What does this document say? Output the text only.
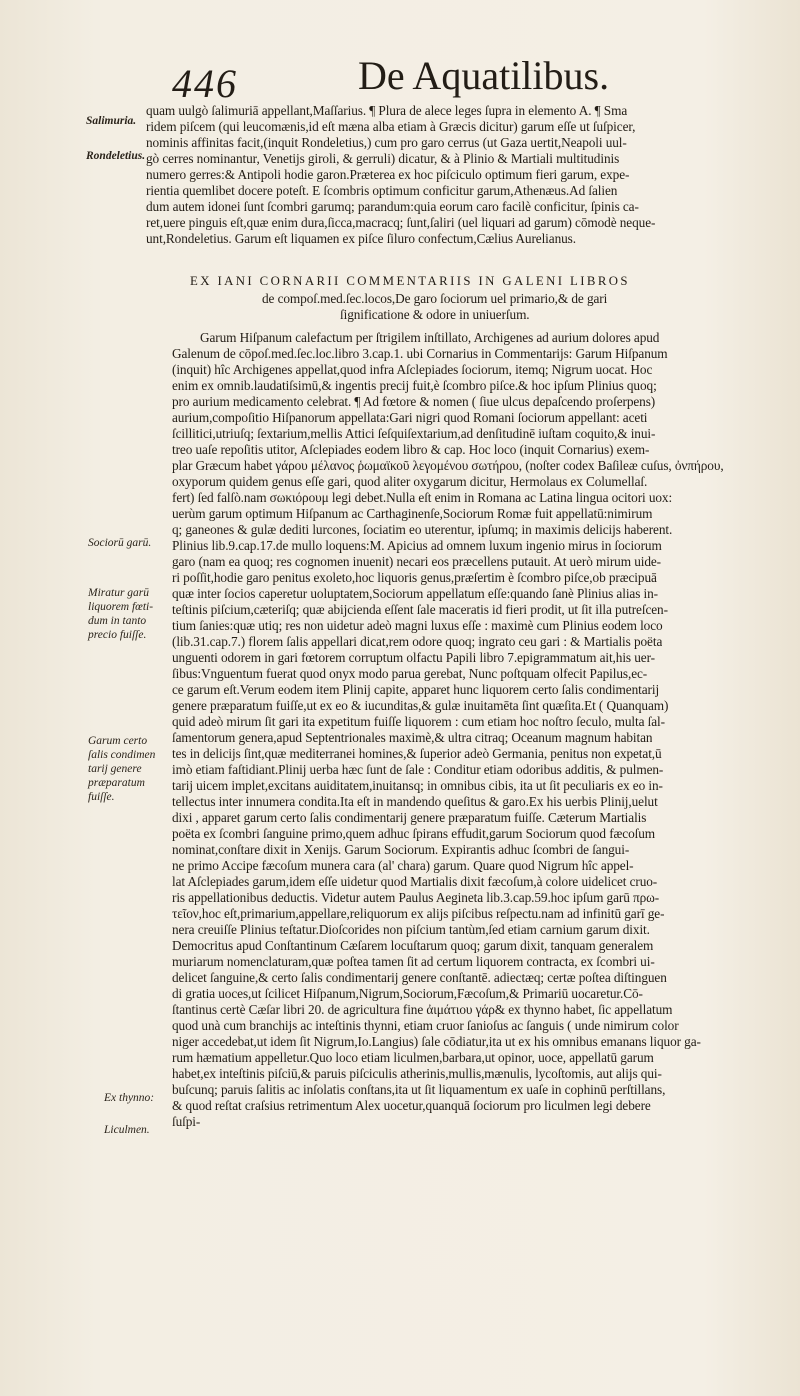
446	De Aquatilibus.
Salimuria.
Rondeletius.
Sociorū garū.
Miratur garū
liquorem fœti-
dum in tanto
precio fuiſſe.
Garum certo
ſalis condimen
tarij genere
præparatum
fuiſſe.
Ex thynno:
Liculmen.
quam uulgò ſalimuriā appellant,Maſſarius. ¶ Plura de alece leges ſupra in elemento A. ¶ Sma
ridem piſcem (qui leucomænis,id eſt mæna alba etiam à Græcis dicitur) garum eſſe ut ſuſpicer,
nominis affinitas facit,(inquit Rondeletius,) cum pro garo cerrus (ut Gaza uertit,Neapoli uul-
gò cerres nominantur, Venetijs giroli, & gerruli) dicatur, & à Plinio & Martiali multitudinis
numero gerres:& Antipoli hodie garon.Præterea ex hoc piſciculo optimum fieri garum, expe-
rientia quemlibet docere poteſt. E ſcombris optimum conficitur garum,Athenæus.Ad ſalien
dum autem idonei ſunt ſcombri garumq; parandum:quia eorum caro facilè conficitur, ſpinis ca-
ret,uere pinguis eſt,quæ enim dura,ſicca,macracq; ſunt,ſaliri (uel liquari ad garum) cōmodè neque-
unt,Rondeletius. Garum eſt liquamen ex piſce ſiluro confectum,Cælius Aurelianus.
EX IANI CORNARII COMMENTARIIS IN GALENI LIBROS
de compoſ.med.ſec.locos,De garo ſociorum uel primario,& de gari
ſignificatione & odore in uniuerſum.
Garum Hiſpanum calefactum per ſtrigilem inſtillato, Archigenes ad aurium dolores apud
Galenum de cōpoſ.med.ſec.loc.libro 3.cap.1. ubi Cornarius in Commentarijs: Garum Hiſpanum
(inquit) hîc Archigenes appellat,quod infra Aſclepiades ſociorum, itemq; Nigrum uocat. Hoc
enim ex omnib.laudatiſsimū,& ingentis precij fuit,è ſcombro piſce.& hoc ipſum Plinius quoq;
pro aurium medicamento celebrat. ¶ Ad fœtore & nomen ( ſiue ulcus depaſcendo proſerpens)
aurium,compoſitio Hiſpanorum appellata:Gari nigri quod Romani ſociorum appellant: aceti
ſcillitici,utriuſq; ſextarium,mellis Attici ſeſquiſextarium,ad denſitudinē iuſtam coquito,& inui-
treo uaſe repoſitis utitor, Aſclepiades eodem libro & cap. Hoc loco (inquit Cornarius) exem-
plar Græcum habet γάρου μέλανος ῥωμαϊκοῦ λεγομένου σωτήρου, (noſter codex Baſileæ cuſus, ὀνπήρου,
oxyporum quidem genus eſſe gari, quod aliter oxygarum dicitur, Hermolaus ex Columellaſ.
fert) ſed falſò.nam σωκιόρουμ legi debet.Nulla eſt enim in Romana ac Latina lingua ocitori uox:
uerùm garum optimum Hiſpanum ac Carthaginenſe,Sociorum Romæ fuit appellatū:nimirum
q; ganeones & gulæ dediti lurcones, ſociatim eo uterentur, ipſumq; in maximis delicijs haberent.
Plinius lib.9.cap.17.de mullo loquens:M. Apicius ad omnem luxum ingenio mirus in ſociorum
garo (nam ea quoq; res cognomen inuenit) necari eos præcellens putauit. At uerò mirum uide-
ri poſſit,hodie garo penitus exoleto,hoc liquoris genus,præſertim è ſcombro piſce,ob præcipuā
quæ inter ſocios caperetur uoluptatem,Sociorum appellatum eſſe:quando ſanè Plinius alias in-
teſtinis piſcium,cæteriſq; quæ abijcienda eſſent ſale maceratis id fieri prodit, ut ſit illa putreſcen-
tium ſanies:quæ utiq; res non uidetur adeò magni luxus eſſe : maximè cum Plinius eodem loco
(lib.31.cap.7.) florem ſalis appellari dicat,rem odore quoq; ingrato ceu gari : & Martialis poëta
unguenti odorem in gari fœtorem corruptum olfactu Papili libro 7.epigrammatum ait,his uer-
ſibus:Vnguentum fuerat quod onyx modo parua gerebat, Nunc poſtquam olfecit Papilus,ec-
ce garum eſt.Verum eodem item Plinij capite, apparet hunc liquorem certo ſalis condimentarij
genere præparatum fuiſſe,ut ex eo & iucunditas,& gulæ inuitamēta ſint quæſita.Et ( Quanquam)
quid adeò mirum ſit gari ita expetitum fuiſſe liquorem : cum etiam hoc noſtro ſeculo, multa ſal-
ſamentorum genera,apud Septentrionales maximè,& ultra citraq; Oceanum magnum habitan
tes in delicijs ſint,quæ mediterranei homines,& ſuperior adeò Germania, penitus non expetat,ū
imò etiam faſtidiant.Plinij uerba hæc ſunt de ſale : Conditur etiam odoribus additis, & pulmen-
tarij uicem implet,excitans auiditatem,inuitansq; in omnibus cibis, ita ut ſit peculiaris ex eo in-
tellectus inter innumera condita.Ita eſt in mandendo queſitus & garo.Ex his uerbis Plinij,uelut
dixi , apparet garum certo ſalis condimentarij genere præparatum fuiſſe. Cæterum Martialis
poëta ex ſcombri ſanguine primo,quem adhuc ſpirans effudit,garum Sociorum quod fæcoſum
nominat,conſtare dixit in Xenijs. Garum Sociorum. Expirantis adhuc ſcombri de ſangui-
ne primo Accipe fæcoſum munera cara (al' chara) garum. Quare quod Nigrum hîc appel-
lat Aſclepiades garum,idem eſſe uidetur quod Martialis dixit fæcoſum,à colore uidelicet cruo-
ris appellationibus deductis. Videtur autem Paulus Aegineta lib.3.cap.59.hoc ipſum garū πρω-
τεῖον,hoc eſt,primarium,appellare,reliquorum ex alijs piſcibus reſpectu.nam ad infinitū garī ge-
nera creuiſſe Plinius teſtatur.Dioſcorides non piſcium tantùm,ſed etiam carnium garum dixit.
Democritus apud Conſtantinum Cæſarem locuſtarum quoq; garum dixit, tanquam generalem
muriarum nomenclaturam,quæ poſtea tamen ſit ad certum liquorem contracta, ex ſcombri ui-
delicet ſanguine,& certo ſalis condimentarij genere conſtantē. adiectæq; certæ poſtea diſtinguen
di gratia uoces,ut ſcilicet Hiſpanum,Nigrum,Sociorum,Fæcoſum,& Primariū uocaretur.Cō-
ſtantinus certè Cæſar libri 20. de agricultura fine ἀιμάτιου γάρ& ex thynno habet, ſic appellatum
quod unà cum branchijs ac inteſtinis thynni, etiam cruor ſanioſus ac ſanguis ( unde nimirum color
niger accedebat,ut idem ſit Nigrum,Io.Langius) ſale cōdiatur,ita ut ex his omnibus emanans liquor ga-
rum hæmatium appelletur.Quo loco etiam liculmen,barbara,ut opinor, uoce, appellatū garum
habet,ex inteſtinis piſciū,& paruis piſciculis atherinis,mullis,mænulis, lycoſtomis, aut alijs qui-
buſcunq; paruis ſalitis ac inſolatis conſtans,ita ut ſit liquamentum ex uaſe in cophinū perſtillans,
& quod reſtat craſsius retrimentum Alex uocetur,quanquā ſociorum pro liculmen legi debere
ſuſpi-
